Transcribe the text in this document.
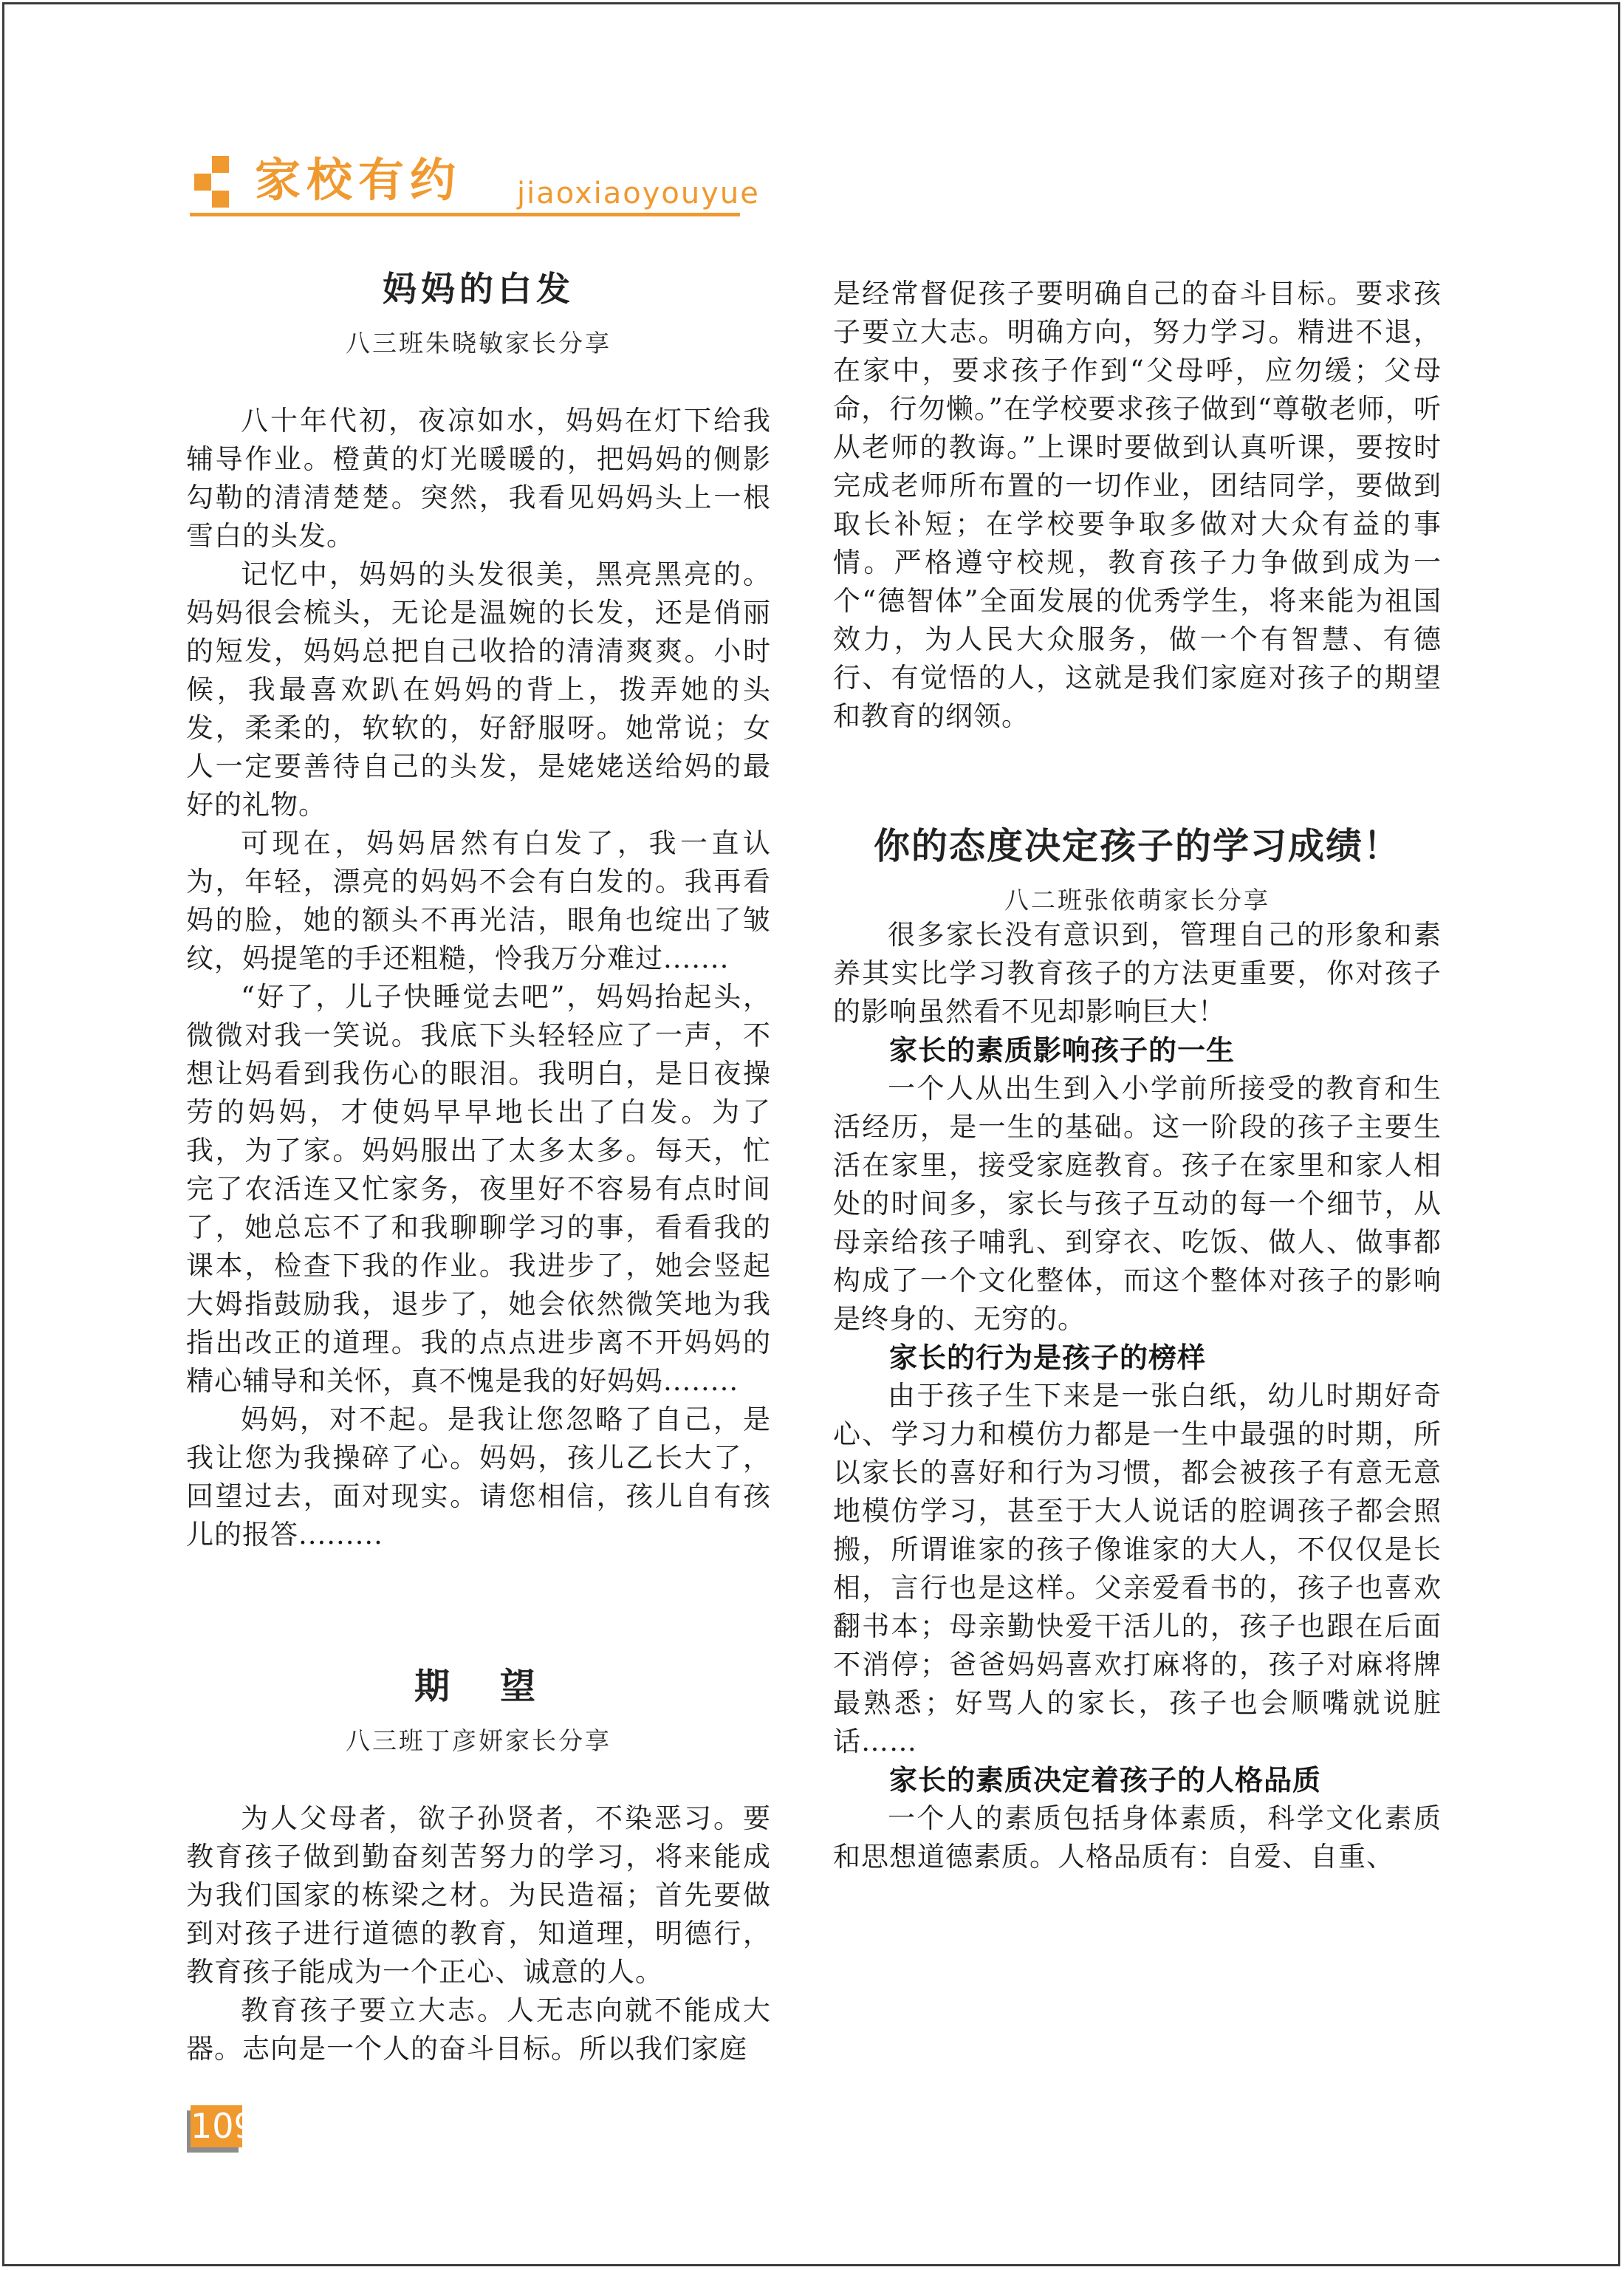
家校有约 jiaoxiaoyouyue
妈妈的白发
八三班朱晓敏家长分享

八十年代初，夜凉如水，妈妈在灯下给我辅导作业。橙黄的灯光暖暖的，把妈妈的侧影勾勒的清清楚楚。突然，我看见妈妈头上一根雪白的头发。

记忆中，妈妈的头发很美，黑亮黑亮的。妈妈很会梳头，无论是温婉的长发，还是俏丽的短发，妈妈总把自己收拾的清清爽爽。小时候，我最喜欢趴在妈妈的背上，拨弄她的头发，柔柔的，软软的，好舒服呀。她常说；女人一定要善待自己的头发，是姥姥送给妈的最好的礼物。

可现在，妈妈居然有白发了，我一直认为，年轻，漂亮的妈妈不会有白发的。我再看妈的脸，她的额头不再光洁，眼角也绽出了皱纹，妈提笔的手还粗糙，怜我万分难过.......

“好了，儿子快睡觉去吧”，妈妈抬起头，微微对我一笑说。我底下头轻轻应了一声，不想让妈看到我伤心的眼泪。我明白，是日夜操劳的妈妈，才使妈早早地长出了白发。为了我，为了家。妈妈服出了太多太多。每天，忙完了农活连又忙家务，夜里好不容易有点时间了，她总忘不了和我聊聊学习的事，看看我的课本，检查下我的作业。我进步了，她会竖起大姆指鼓励我，退步了，她会依然微笑地为我指出改正的道理。我的点点进步离不开妈妈的精心辅导和关怀，真不愧是我的好妈妈........

妈妈，对不起。是我让您忽略了自己，是我让您为我操碎了心。妈妈，孩儿乙长大了，回望过去，面对现实。请您相信，孩儿自有孩儿的报答.........

期　望
八三班丁彦妍家长分享

为人父母者，欲子孙贤者，不染恶习。要教育孩子做到勤奋刻苦努力的学习，将来能成为我们国家的栋梁之材。为民造福；首先要做到对孩子进行道德的教育，知道理，明德行，教育孩子能成为一个正心、诚意的人。

教育孩子要立大志。人无志向就不能成大器。志向是一个人的奋斗目标。所以我们家庭

是经常督促孩子要明确自己的奋斗目标。要求孩子要立大志。明确方向，努力学习。精进不退，在家中，要求孩子作到“父母呼，应勿缓；父母命，行勿懒。”在学校要求孩子做到“尊敬老师，听从老师的教诲。”上课时要做到认真听课，要按时完成老师所布置的一切作业，团结同学，要做到取长补短；在学校要争取多做对大众有益的事情。严格遵守校规，教育孩子力争做到成为一个“德智体”全面发展的优秀学生，将来能为祖国效力，为人民大众服务，做一个有智慧、有德行、有觉悟的人，这就是我们家庭对孩子的期望和教育的纲领。

你的态度决定孩子的学习成绩！
八二班张依萌家长分享

很多家长没有意识到，管理自己的形象和素养其实比学习教育孩子的方法更重要，你对孩子的影响虽然看不见却影响巨大！

家长的素质影响孩子的一生

一个人从出生到入小学前所接受的教育和生活经历，是一生的基础。这一阶段的孩子主要生活在家里，接受家庭教育。孩子在家里和家人相处的时间多，家长与孩子互动的每一个细节，从母亲给孩子哺乳、到穿衣、吃饭、做人、做事都构成了一个文化整体，而这个整体对孩子的影响是终身的、无穷的。

家长的行为是孩子的榜样

由于孩子生下来是一张白纸，幼儿时期好奇心、学习力和模仿力都是一生中最强的时期，所以家长的喜好和行为习惯，都会被孩子有意无意地模仿学习，甚至于大人说话的腔调孩子都会照搬，所谓谁家的孩子像谁家的大人，不仅仅是长相，言行也是这样。父亲爱看书的，孩子也喜欢翻书本；母亲勤快爱干活儿的，孩子也跟在后面不消停；爸爸妈妈喜欢打麻将的，孩子对麻将牌最熟悉；好骂人的家长，孩子也会顺嘴就说脏话……

家长的素质决定着孩子的人格品质

一个人的素质包括身体素质，科学文化素质和思想道德素质。人格品质有：自爱、自重、

109
